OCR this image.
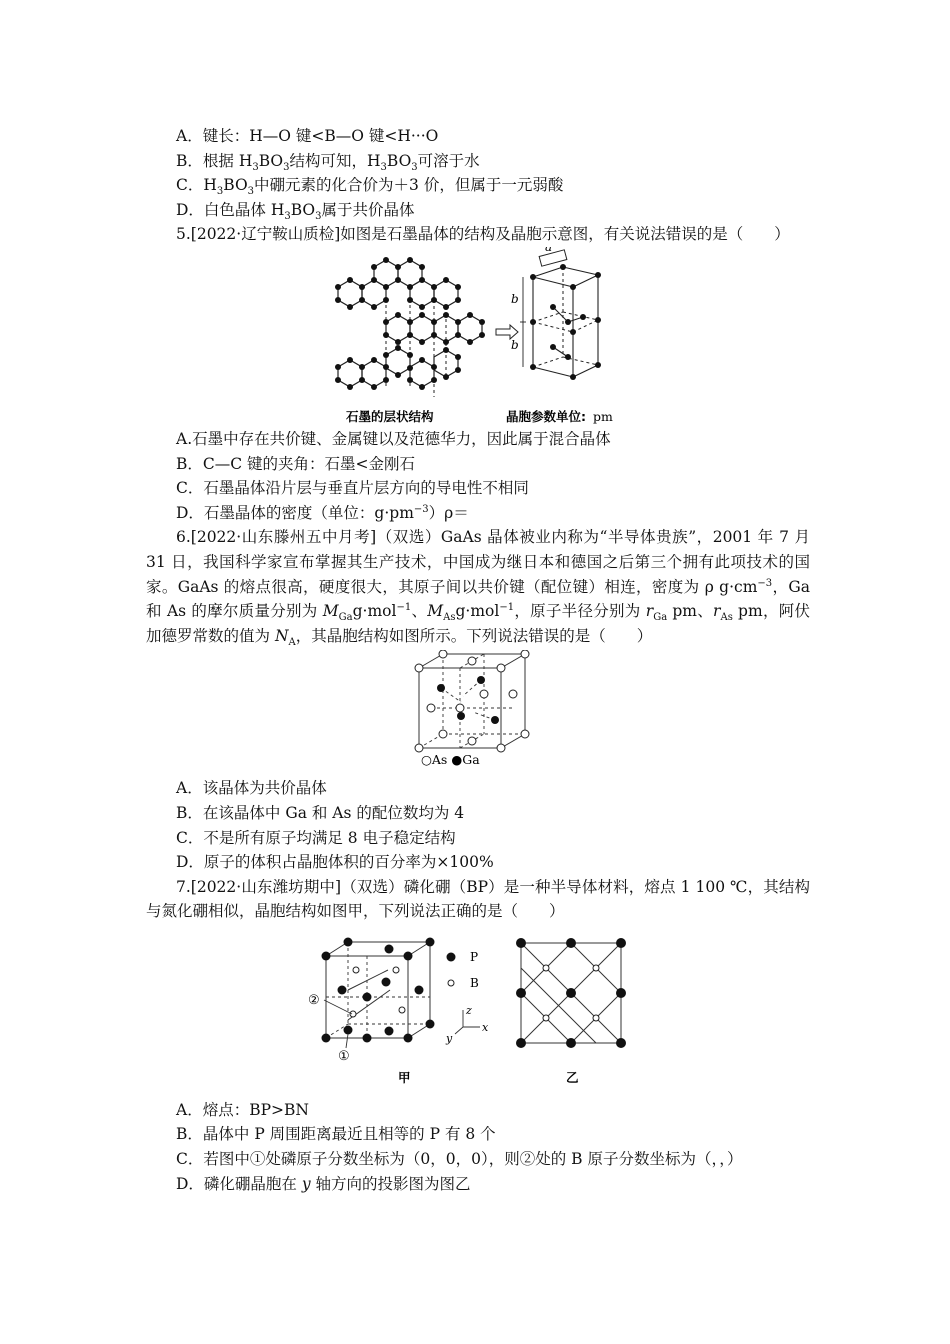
A．键长：H—O 键<B—O 键<H···O
B．根据 $H_3BO_3$结构可知，$H_3BO_3$可溶于水
C．$H_3BO_3$中硼元素的化合价为＋3 价，但属于一元弱酸
D．白色晶体 $H_3BO_3$属于共价晶体
5.[2022·辽宁鞍山质检]如图是石墨晶体的结构及晶胞示意图，有关说法错误的是（　　）
a
b
b
石墨的层状结构	晶胞参数单位: pm
A.石墨中存在共价键、金属键以及范德华力，因此属于混合晶体
B．C—C 键的夹角：石墨<金刚石
C．石墨晶体沿片层与垂直片层方向的导电性不相同
D．石墨晶体的密度（单位：$g\cdot pm^{-3})\rho=$
6.[2022·山东滕州五中月考]（双选）GaAs 晶体被业内称为“半导体贵族”，2001 年 7 月 31 日，我国科学家宣布掌握其生产技术，中国成为继日本和德国之后第三个拥有此项技术的国家。GaAs 的熔点很高，硬度很大，其原子间以共价键（配位键）相连，密度为 ρ $g\cdot cm^{-3}$，Ga 和 As 的摩尔质量分别为 $M_{Ga}g\cdot mol^{-1}$、$M_{As}g\cdot mol^{-1}$，原子半径分别为 $r_{Ga}$ pm、$r_{As}$ pm，阿伏加德罗常数的值为 $N_A$，其晶胞结构如图所示。下列说法错误的是（　　）
○As ●Ga
A．该晶体为共价晶体
B．在该晶体中 Ga 和 As 的配位数均为 4
C．不是所有原子均满足 8 电子稳定结构
D．原子的体积占晶胞体积的百分率为×100%
7.[2022·山东潍坊期中]（双选）磷化硼（BP）是一种半导体材料，熔点 1 100 ℃，其结构与氮化硼相似，晶胞结构如图甲，下列说法正确的是（　　）
②
①
P
B
z
x
y
甲	乙
A．熔点：BP>BN
B．晶体中 P 周围距离最近且相等的 P 有 8 个
C．若图中①处磷原子分数坐标为（0，0，0），则②处的 B 原子分数坐标为（，，）
D．磷化硼晶胞在 y 轴方向的投影图为图乙
